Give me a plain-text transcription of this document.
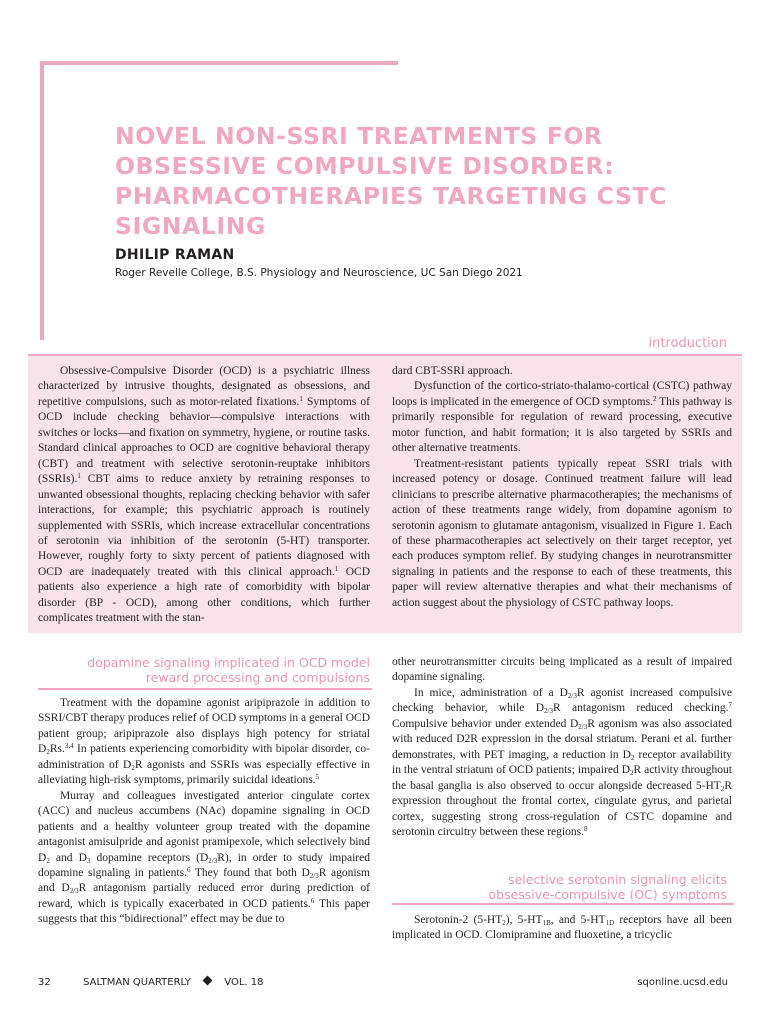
NOVEL NON-SSRI TREATMENTS FOR OBSESSIVE COMPULSIVE DISORDER: PHARMACOTHERAPIES TARGETING CSTC SIGNALING
DHILIP RAMAN
Roger Revelle College, B.S. Physiology and Neuroscience, UC San Diego 2021
introduction

Obsessive-Compulsive Disorder (OCD) is a psychiatric illness characterized by intrusive thoughts, designated as obsessions, and repetitive compulsions, such as motor-related fixations.$^1$ Symptoms of OCD include checking behavior—compulsive interactions with switches or locks—and fixation on symmetry, hygiene, or routine tasks. Standard clinical approaches to OCD are cognitive behavioral therapy (CBT) and treatment with selective serotonin-reuptake inhibitors (SSRIs).$^1$ CBT aims to reduce anxiety by retraining responses to unwanted obsessional thoughts, replacing checking behavior with safer interactions, for example; this psychiatric approach is routinely supplemented with SSRIs, which increase extracellular concentrations of serotonin via inhibition of the serotonin (5-HT) transporter. However, roughly forty to sixty percent of patients diagnosed with OCD are inadequately treated with this clinical approach.$^1$ OCD patients also experience a high rate of comorbidity with bipolar disorder (BP - OCD), among other conditions, which further complicates treatment with the stan-

dard CBT-SSRI approach.

Dysfunction of the cortico-striato-thalamo-cortical (CSTC) pathway loops is implicated in the emergence of OCD symptoms.$^2$ This pathway is primarily responsible for regulation of reward processing, executive motor function, and habit formation; it is also targeted by SSRIs and other alternative treatments.

Treatment-resistant patients typically repeat SSRI trials with increased potency or dosage. Continued treatment failure will lead clinicians to prescribe alternative pharmacotherapies; the mechanisms of action of these treatments range widely, from dopamine agonism to serotonin agonism to glutamate antagonism, visualized in Figure 1. Each of these pharmacotherapies act selectively on their target receptor, yet each produces symptom relief. By studying changes in neurotransmitter signaling in patients and the response to each of these treatments, this paper will review alternative therapies and what their mechanisms of action suggest about the physiology of CSTC pathway loops.

dopamine signaling implicated in OCD model
reward processing and compulsions

Treatment with the dopamine agonist aripiprazole in addition to SSRI/CBT therapy produces relief of OCD symptoms in a general OCD patient group; aripiprazole also displays high potency for striatal $D_2Rs.^{3,4}$ In patients experiencing comorbidity with bipolar disorder, co-administration of $D_2R$ agonists and SSRIs was especially effective in alleviating high-risk symptoms, primarily suicidal ideations.$^5$

Murray and colleagues investigated anterior cingulate cortex (ACC) and nucleus accumbens (NAc) dopamine signaling in OCD patients and a healthy volunteer group treated with the dopamine antagonist amisulpride and agonist pramipexole, which selectively bind $D_2$ and $D_3$ dopamine receptors $(D_{2/3}R)$, in order to study impaired dopamine signaling in patients.$^6$ They found that both $D_{2/3}R$ agonism and $D_{2/3}R$ antagonism partially reduced error during prediction of reward, which is typically exacerbated in OCD patients.$^6$ This paper suggests that this “bidirectional” effect may be due to

other neurotransmitter circuits being implicated as a result of impaired dopamine signaling.

In mice, administration of a $D_{2/3}R$ agonist increased compulsive checking behavior, while $D_{2/3}R$ antagonism reduced checking.$^7$ Compulsive behavior under extended $D_{2/3}R$ agonism was also associated with reduced D2R expression in the dorsal striatum. Perani et al. further demonstrates, with PET imaging, a reduction in $D_2$ receptor availability in the ventral striatum of OCD patients; impaired $D_2R$ activity throughout the basal ganglia is also observed to occur alongside decreased $5-HT_2R$ expression throughout the frontal cortex, cingulate gyrus, and parietal cortex, suggesting strong cross-regulation of CSTC dopamine and serotonin circuitry between these regions.$^8$

selective serotonin signaling elicits
obsessive-compulsive (OC) symptoms

Serotonin-2 $(5-HT_2)$, $5-HT_{1B}$, and $5-HT_{1D}$ receptors have all been implicated in OCD. Clomipramine and fluoxetine, a tricyclic

32	SALTMAN QUARTERLY	VOL. 18	sqonline.ucsd.edu
